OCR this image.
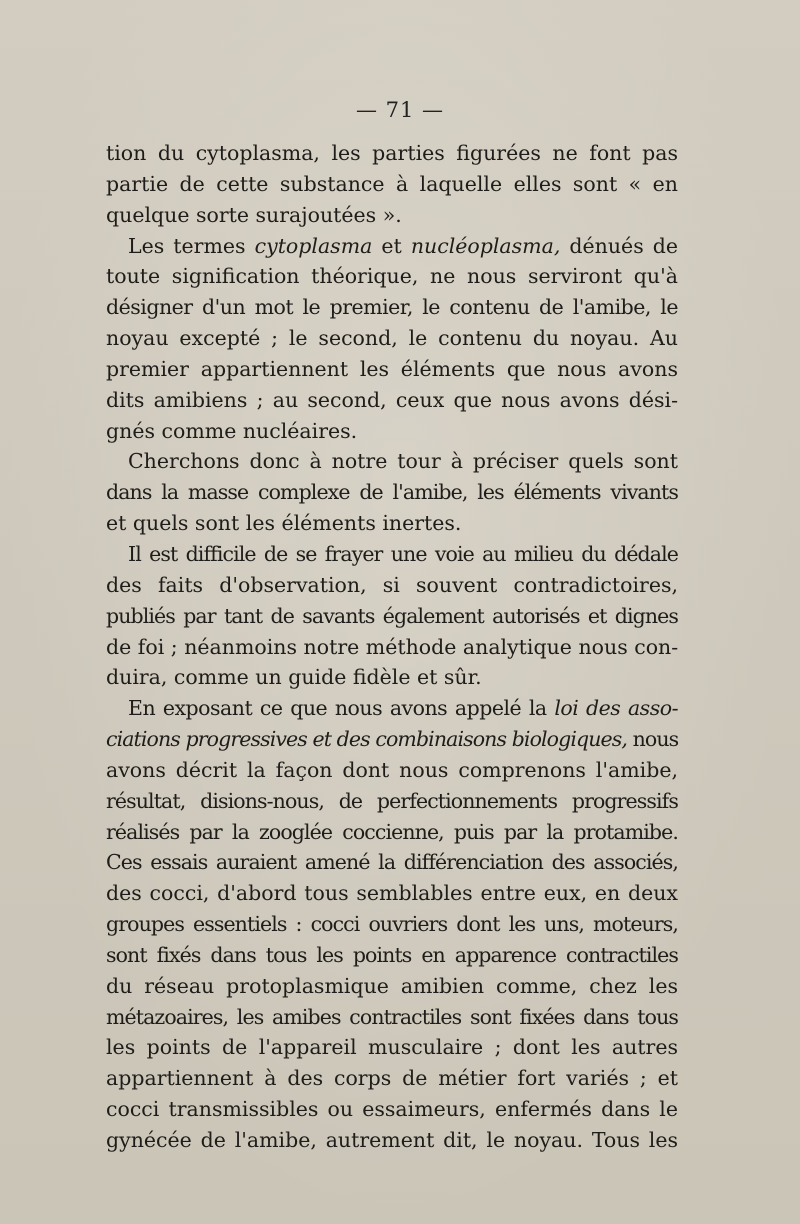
— 71 —
tion du cytoplasma, les parties figurées ne font pas
partie de cette substance à laquelle elles sont « en
quelque sorte surajoutées ».
Les termes cytoplasma et nucléoplasma, dénués de
toute signification théorique, ne nous serviront qu'à
désigner d'un mot le premier, le contenu de l'amibe, le
noyau excepté ; le second, le contenu du noyau. Au
premier appartiennent les éléments que nous avons
dits amibiens ; au second, ceux que nous avons dési-
gnés comme nucléaires.
Cherchons donc à notre tour à préciser quels sont
dans la masse complexe de l'amibe, les éléments vivants
et quels sont les éléments inertes.
Il est difficile de se frayer une voie au milieu du dédale
des faits d'observation, si souvent contradictoires,
publiés par tant de savants également autorisés et dignes
de foi ; néanmoins notre méthode analytique nous con-
duira, comme un guide fidèle et sûr.
En exposant ce que nous avons appelé la loi des asso-
ciations progressives et des combinaisons biologiques, nous
avons décrit la façon dont nous comprenons l'amibe,
résultat, disions-nous, de perfectionnements progressifs
réalisés par la zooglée coccienne, puis par la protamibe.
Ces essais auraient amené la différenciation des associés,
des cocci, d'abord tous semblables entre eux, en deux
groupes essentiels : cocci ouvriers dont les uns, moteurs,
sont fixés dans tous les points en apparence contractiles
du réseau protoplasmique amibien comme, chez les
métazoaires, les amibes contractiles sont fixées dans tous
les points de l'appareil musculaire ; dont les autres
appartiennent à des corps de métier fort variés ; et
cocci transmissibles ou essaimeurs, enfermés dans le
gynécée de l'amibe, autrement dit, le noyau. Tous les
